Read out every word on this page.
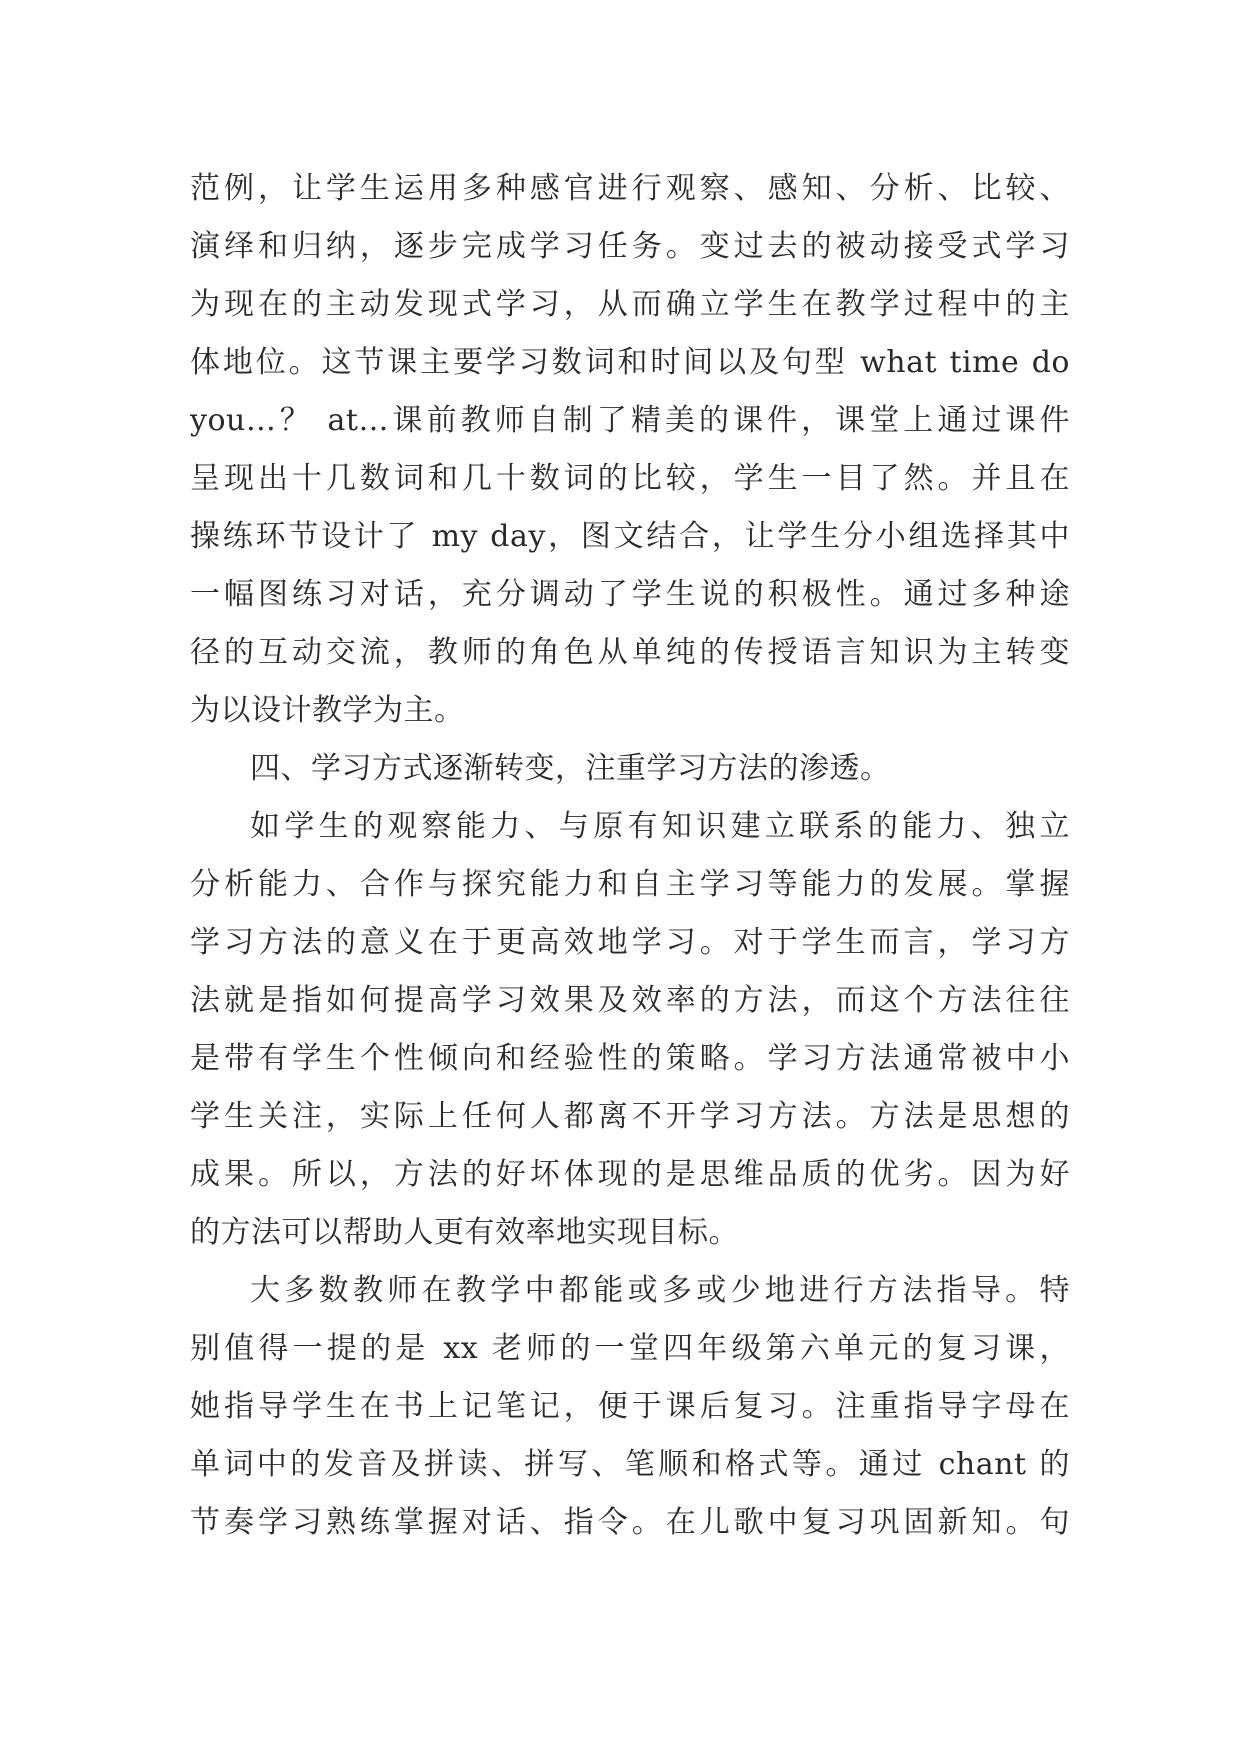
范例，让学生运用多种感官进行观察、感知、分析、比较、
演绎和归纳，逐步完成学习任务。变过去的被动接受式学习
为现在的主动发现式学习，从而确立学生在教学过程中的主
体地位。这节课主要学习数词和时间以及句型 what time do
you…？ at…课前教师自制了精美的课件，课堂上通过课件
呈现出十几数词和几十数词的比较，学生一目了然。并且在
操练环节设计了 my day，图文结合，让学生分小组选择其中
一幅图练习对话，充分调动了学生说的积极性。通过多种途
径的互动交流，教师的角色从单纯的传授语言知识为主转变
为以设计教学为主。
四、学习方式逐渐转变，注重学习方法的渗透。
如学生的观察能力、与原有知识建立联系的能力、独立
分析能力、合作与探究能力和自主学习等能力的发展。掌握
学习方法的意义在于更高效地学习。对于学生而言，学习方
法就是指如何提高学习效果及效率的方法，而这个方法往往
是带有学生个性倾向和经验性的策略。学习方法通常被中小
学生关注，实际上任何人都离不开学习方法。方法是思想的
成果。所以，方法的好坏体现的是思维品质的优劣。因为好
的方法可以帮助人更有效率地实现目标。
大多数教师在教学中都能或多或少地进行方法指导。特
别值得一提的是 xx 老师的一堂四年级第六单元的复习课，
她指导学生在书上记笔记，便于课后复习。注重指导字母在
单词中的发音及拼读、拼写、笔顺和格式等。通过 chant 的
节奏学习熟练掌握对话、指令。在儿歌中复习巩固新知。句
